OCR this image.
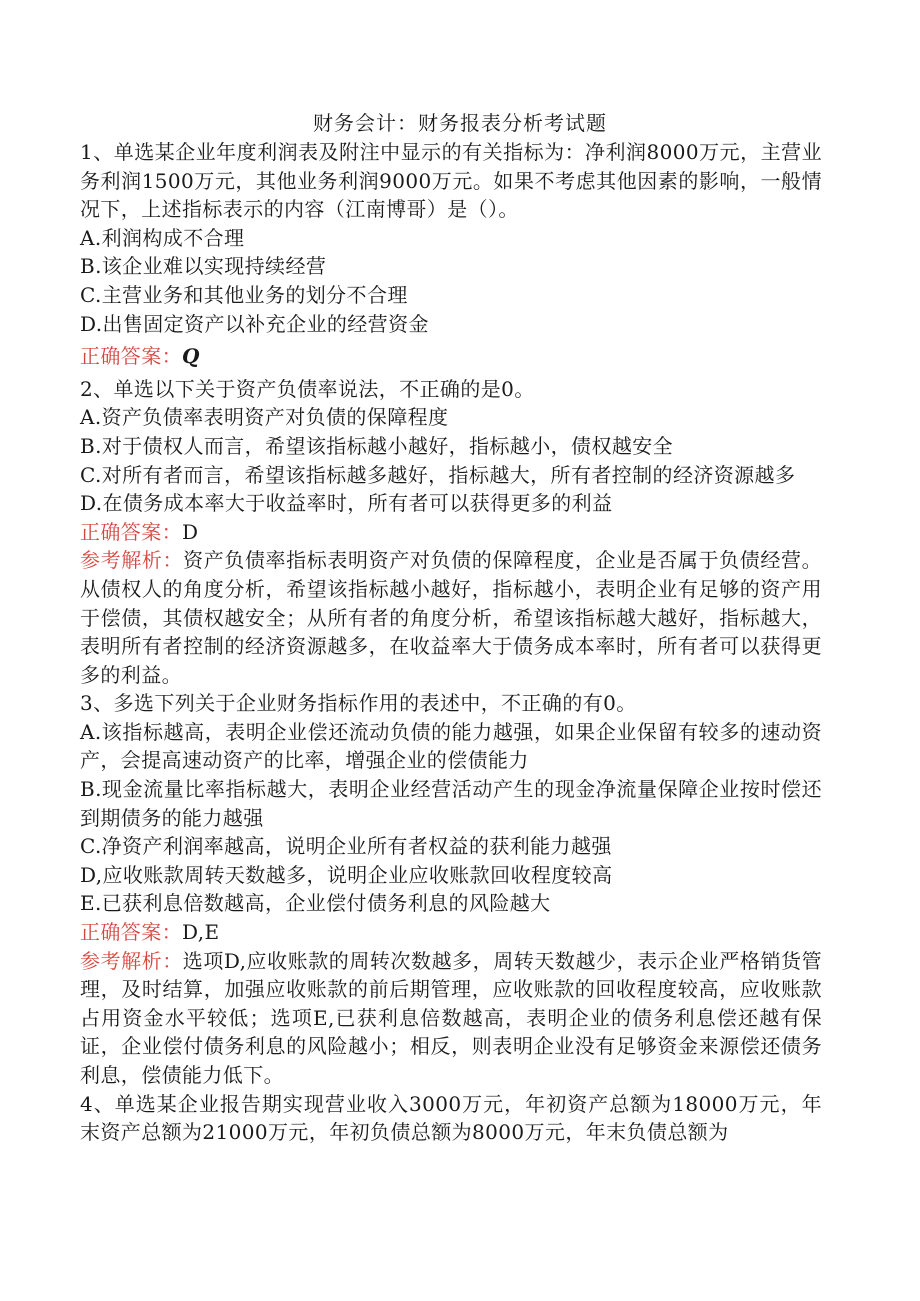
财务会计：财务报表分析考试题

1、单选某企业年度利润表及附注中显示的有关指标为：净利润8000万元，主营业务利润1500万元，其他业务利润9000万元。如果不考虑其他因素的影响，一般情况下，上述指标表示的内容（江南博哥）是（）。

A.利润构成不合理

B.该企业难以实现持续经营

C.主营业务和其他业务的划分不合理

D.出售固定资产以补充企业的经营资金

正确答案：Q

2、单选以下关于资产负债率说法，不正确的是0。

A.资产负债率表明资产对负债的保障程度

B.对于债权人而言，希望该指标越小越好，指标越小，债权越安全

C.对所有者而言，希望该指标越多越好，指标越大，所有者控制的经济资源越多

D.在债务成本率大于收益率时，所有者可以获得更多的利益

正确答案：D

参考解析：资产负债率指标表明资产对负债的保障程度，企业是否属于负债经营。从债权人的角度分析，希望该指标越小越好，指标越小，表明企业有足够的资产用于偿债，其债权越安全；从所有者的角度分析，希望该指标越大越好，指标越大，表明所有者控制的经济资源越多，在收益率大于债务成本率时，所有者可以获得更多的利益。

3、多选下列关于企业财务指标作用的表述中，不正确的有0。

A.该指标越高，表明企业偿还流动负债的能力越强，如果企业保留有较多的速动资产，会提高速动资产的比率，增强企业的偿债能力

B.现金流量比率指标越大，表明企业经营活动产生的现金净流量保障企业按时偿还到期债务的能力越强

C.净资产利润率越高，说明企业所有者权益的获利能力越强

D,应收账款周转天数越多，说明企业应收账款回收程度较高

E.已获利息倍数越高，企业偿付债务利息的风险越大

正确答案：D,E

参考解析：选项D,应收账款的周转次数越多，周转天数越少，表示企业严格销货管理，及时结算，加强应收账款的前后期管理，应收账款的回收程度较高，应收账款占用资金水平较低；选项E,已获利息倍数越高，表明企业的债务利息偿还越有保证，企业偿付债务利息的风险越小；相反，则表明企业没有足够资金来源偿还债务利息，偿债能力低下。

4、单选某企业报告期实现营业收入3000万元，年初资产总额为18000万元，年末资产总额为21000万元，年初负债总额为8000万元，年末负债总额为
